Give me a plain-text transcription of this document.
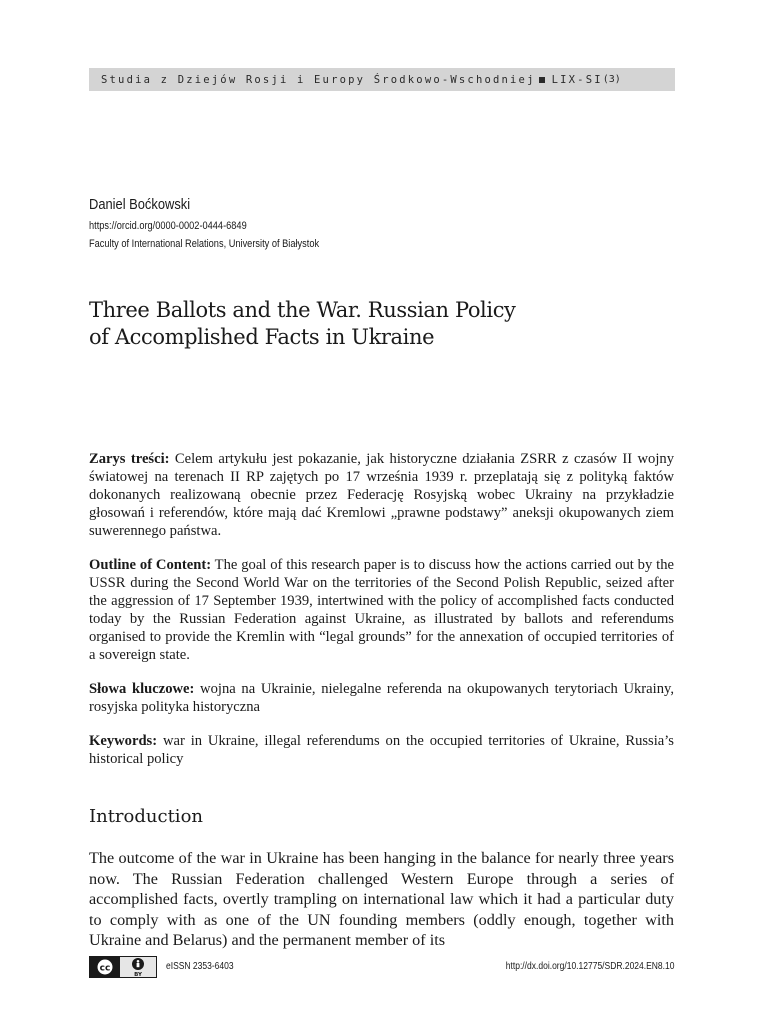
Studia z Dziejów Rosji i Europy Środkowo-Wschodniej LIX-SI (3)
Daniel Boćkowski
https://orcid.org/0000-0002-0444-6849
Faculty of International Relations, University of Białystok
Three Ballots and the War. Russian Policy
of Accomplished Facts in Ukraine

Zarys treści: Celem artykułu jest pokazanie, jak historyczne działania ZSRR z czasów II wojny światowej na terenach II RP zajętych po 17 września 1939 r. przeplatają się z polityką faktów dokonanych realizowaną obecnie przez Federację Rosyjską wobec Ukrainy na przykładzie głosowań i referendów, które mają dać Kremlowi „prawne podstawy” aneksji okupowanych ziem suwerennego państwa.

Outline of Content: The goal of this research paper is to discuss how the actions carried out by the USSR during the Second World War on the territories of the Second Polish Republic, seized after the aggression of 17 September 1939, intertwined with the policy of accomplished facts conducted today by the Russian Federation against Ukraine, as illustrated by ballots and referendums organised to provide the Kremlin with “legal grounds” for the annexation of occupied territories of a sovereign state.

Słowa kluczowe: wojna na Ukrainie, nielegalne referenda na okupowanych terytoriach Ukrainy, rosyjska polityka historyczna

Keywords: war in Ukraine, illegal referendums on the occupied territories of Ukraine, Russia’s historical policy

Introduction

The outcome of the war in Ukraine has been hanging in the balance for nearly three years now. The Russian Federation challenged Western Europe through a series of accomplished facts, overtly trampling on international law which it had a particular duty to comply with as one of the UN founding members (oddly enough, together with Ukraine and Belarus) and the permanent member of its

cc
BY
eISSN 2353-6403	http://dx.doi.org/10.12775/SDR.2024.EN8.10
